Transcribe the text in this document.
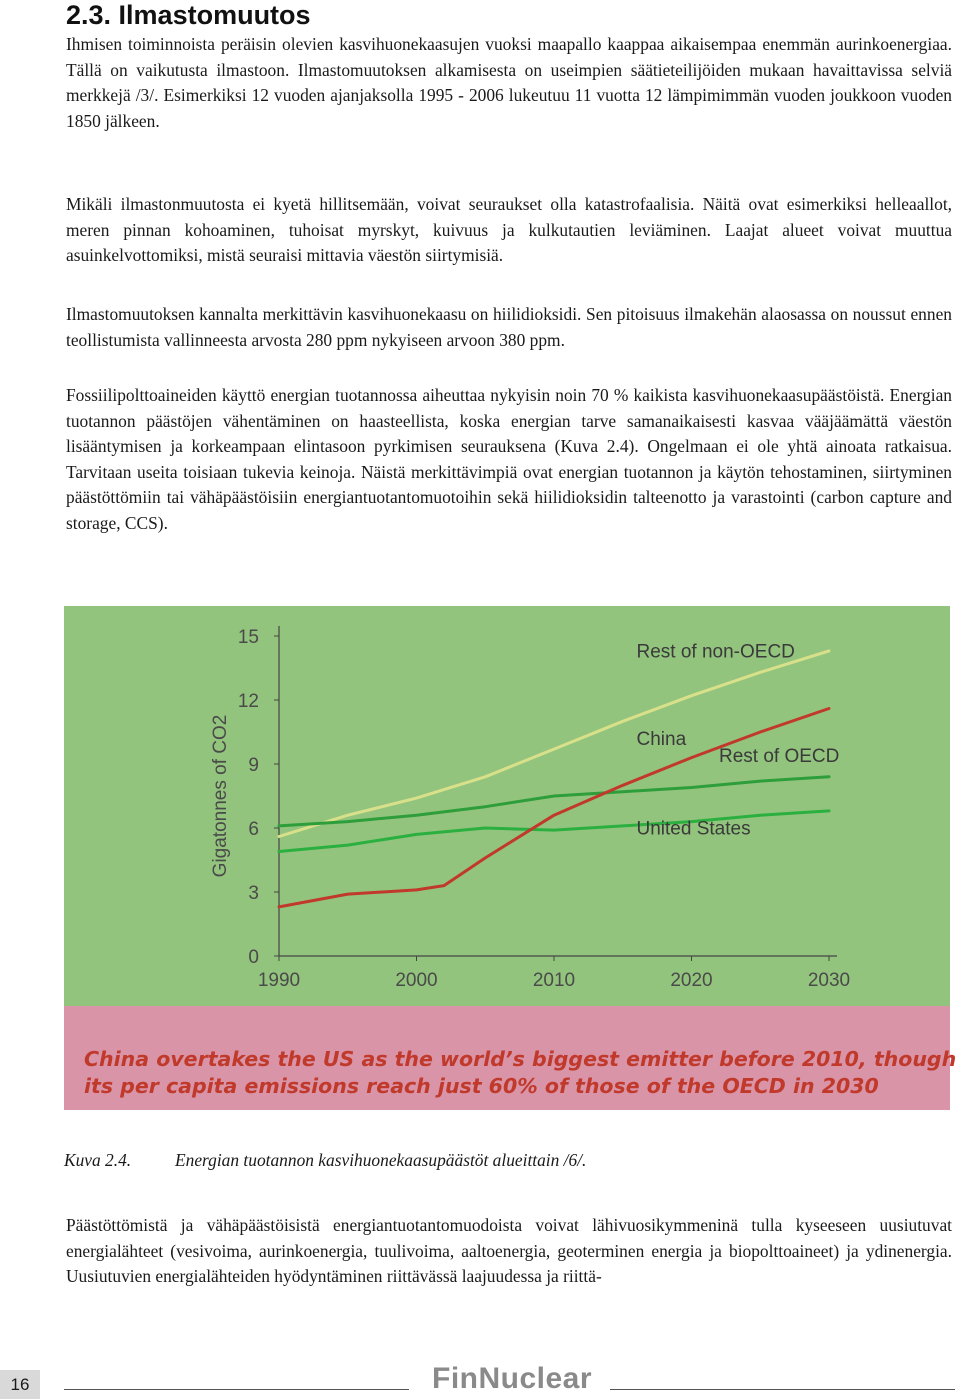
2.3. Ilmastomuutos

Ihmisen toiminnoista peräisin olevien kasvihuonekaasujen vuoksi maapallo kaappaa aikaisempaa enemmän aurinkoenergiaa. Tällä on vaikutusta ilmastoon. Ilmastomuutoksen alkamisesta on useimpien säätieteilijöiden mukaan havaittavissa selviä merkkejä /3/. Esimerkiksi 12 vuoden ajanjaksolla 1995 - 2006 lukeutuu 11 vuotta 12 lämpimimmän vuoden joukkoon vuoden 1850 jälkeen.

Mikäli ilmastonmuutosta ei kyetä hillitsemään, voivat seuraukset olla katastrofaalisia. Näitä ovat esimerkiksi helleaallot, meren pinnan kohoaminen, tuhoisat myrskyt, kuivuus ja kulkutautien leviäminen. Laajat alueet voivat muuttua asuinkelvottomiksi, mistä seuraisi mittavia väestön siirtymisiä.

Ilmastomuutoksen kannalta merkittävin kasvihuonekaasu on hiilidioksidi. Sen pitoisuus ilmakehän alaosassa on noussut ennen teollistumista vallinneesta arvosta 280 ppm nykyiseen arvoon 380 ppm.

Fossiilipolttoaineiden käyttö energian tuotannossa aiheuttaa nykyisin noin 70 % kaikista kasvihuonekaasupäästöistä. Energian tuotannon päästöjen vähentäminen on haasteellista, koska energian tarve samanaikaisesti kasvaa vääjäämättä väestön lisääntymisen ja korkeampaan elintasoon pyrkimisen seurauksena (Kuva 2.4). Ongelmaan ei ole yhtä ainoata ratkaisua. Tarvitaan useita toisiaan tukevia keinoja. Näistä merkittävimpiä ovat energian tuotannon ja käytön tehostaminen, siirtyminen päästöttömiin tai vähäpäästöisiin energiantuotantomuotoihin sekä hiilidioksidin talteenotto ja varastointi (carbon capture and storage, CCS).

0
3
6
9
12
15
1990	2000	2010	2020	2030
Gigatonnes of CO2
Rest of non-OECD
China
Rest of OECD
United States
China overtakes the US as the world’s biggest emitter before 2010, though
its per capita emissions reach just 60% of those of the OECD in 2030
Kuva 2.4.	Energian tuotannon kasvihuonekaasupäästöt alueittain /6/.

Päästöttömistä ja vähäpäästöisistä energiantuotantomuodoista voivat lähivuosikymmeninä tulla kyseeseen uusiutuvat energialähteet (vesivoima, aurinkoenergia, tuulivoima, aaltoenergia, geoterminen energia ja biopolttoaineet) ja ydinenergia. Uusiutuvien energialähteiden hyödyntäminen riittävässä laajuudessa ja riittä-

16	FinNuclear
